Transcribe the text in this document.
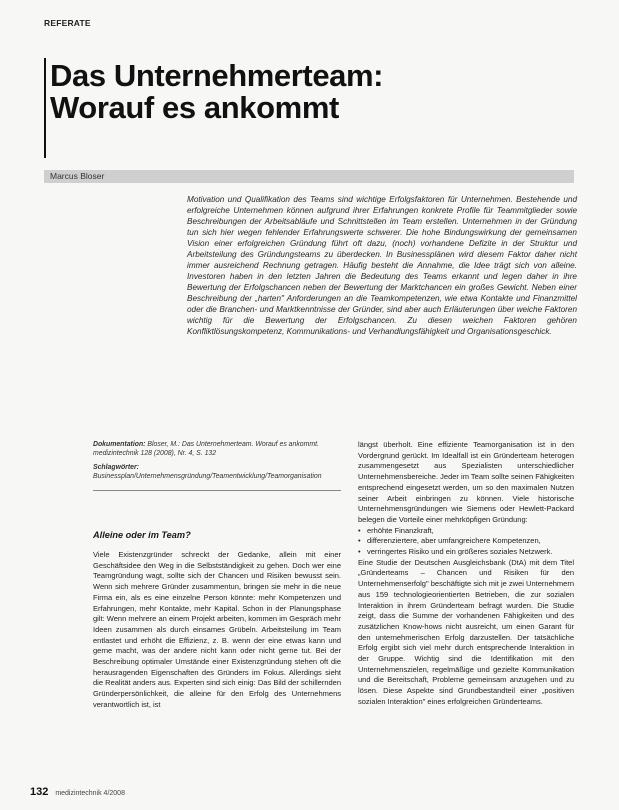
REFERATE
Das Unternehmerteam:
Worauf es ankommt
Marcus Bloser

Motivation und Qualifikation des Teams sind wichtige Erfolgsfaktoren für Unternehmen. Bestehende und erfolgreiche Unternehmen können aufgrund ihrer Erfahrungen konkrete Profile für Teammitglieder sowie Beschreibungen der Arbeitsabläufe und Schnittstellen im Team erstellen. Unternehmen in der Gründung tun sich hier wegen fehlender Erfahrungswerte schwerer. Die hohe Bindungswirkung der gemeinsamen Vision einer erfolgreichen Gründung führt oft dazu, (noch) vorhandene Defizite in der Struktur und Arbeitsteilung des Gründungsteams zu überdecken. In Businessplänen wird diesem Faktor daher nicht immer ausreichend Rechnung getragen. Häufig besteht die Annahme, die Idee trägt sich von alleine. Investoren haben in den letzten Jahren die Bedeutung des Teams erkannt und legen daher in ihre Bewertung der Erfolgschancen neben der Bewertung der Marktchancen ein großes Gewicht. Neben einer Beschreibung der „harten" Anforderungen an die Teamkompetenzen, wie etwa Kontakte und Finanzmittel oder die Branchen- und Marktkenntnisse der Gründer, sind aber auch Erläuterungen über weiche Faktoren wichtig für die Bewertung der Erfolgschancen. Zu diesen weichen Faktoren gehören Konfliktlösungskompetenz, Kommunikations- und Verhandlungsfähigkeit und Organisationsgeschick.

Dokumentation: Bloser, M.: Das Unternehmerteam. Worauf es ankommt. medizintechnik 128 (2008), Nr. 4, S. 132

Schlagwörter: Businessplan/Unternehmensgründung/Teamentwicklung/Teamorganisation

Alleine oder im Team?

Viele Existenzgründer schreckt der Gedanke, allein mit einer Geschäftsidee den Weg in die Selbstständigkeit zu gehen. Doch wer eine Teamgründung wagt, sollte sich der Chancen und Risiken bewusst sein. Wenn sich mehrere Gründer zusammentun, bringen sie mehr in die neue Firma ein, als es eine einzelne Person könnte: mehr Kompetenzen und Erfahrungen, mehr Kontakte, mehr Kapital. Schon in der Planungsphase gilt: Wenn mehrere an einem Projekt arbeiten, kommen im Gespräch mehr Ideen zusammen als durch einsames Grübeln. Arbeitsteilung im Team entlastet und erhöht die Effizienz, z. B. wenn der eine etwas kann und gerne macht, was der andere nicht kann oder nicht gerne tut. Bei der Beschreibung optimaler Umstände einer Existenzgründung stehen oft die herausragenden Eigenschaften des Gründers im Fokus. Allerdings sieht die Realität anders aus. Experten sind sich einig: Das Bild der schillernden Gründerpersönlichkeit, die alleine für den Erfolg des Unternehmens verantwortlich ist, ist

längst überholt. Eine effiziente Teamorganisation ist in den Vordergrund gerückt. Im Idealfall ist ein Gründerteam heterogen zusammengesetzt aus Spezialisten unterschiedlicher Unternehmensbereiche. Jeder im Team sollte seinen Fähigkeiten entsprechend eingesetzt werden, um so den maximalen Nutzen seiner Arbeit einbringen zu können. Viele historische Unternehmensgründungen wie Siemens oder Hewlett-Packard belegen die Vorteile einer mehrköpfigen Gründung:

• erhöhte Finanzkraft,
• differenziertere, aber umfangreichere Kompetenzen,
• verringertes Risiko und ein größeres soziales Netzwerk.

Eine Studie der Deutschen Ausgleichsbank (DtA) mit dem Titel „Gründerteams – Chancen und Risiken für den Unternehmenserfolg" beschäftigte sich mit je zwei Unternehmern aus 159 technologieorientierten Betrieben, die zur sozialen Interaktion in ihrem Gründerteam befragt wurden. Die Studie zeigt, dass die Summe der vorhandenen Fähigkeiten und des zusätzlichen Know-hows nicht ausreicht, um einen Garant für den unternehmerischen Erfolg darzustellen. Der tatsächliche Erfolg ergibt sich viel mehr durch entsprechende Interaktion in der Gruppe. Wichtig sind die Identifikation mit den Unternehmenszielen, regelmäßige und gezielte Kommunikation und die Bereitschaft, Probleme gemeinsam anzugehen und zu lösen. Diese Aspekte sind Grundbestandteil einer „positiven sozialen Interaktion" eines erfolgreichen Gründerteams.

132 medizintechnik 4/2008
